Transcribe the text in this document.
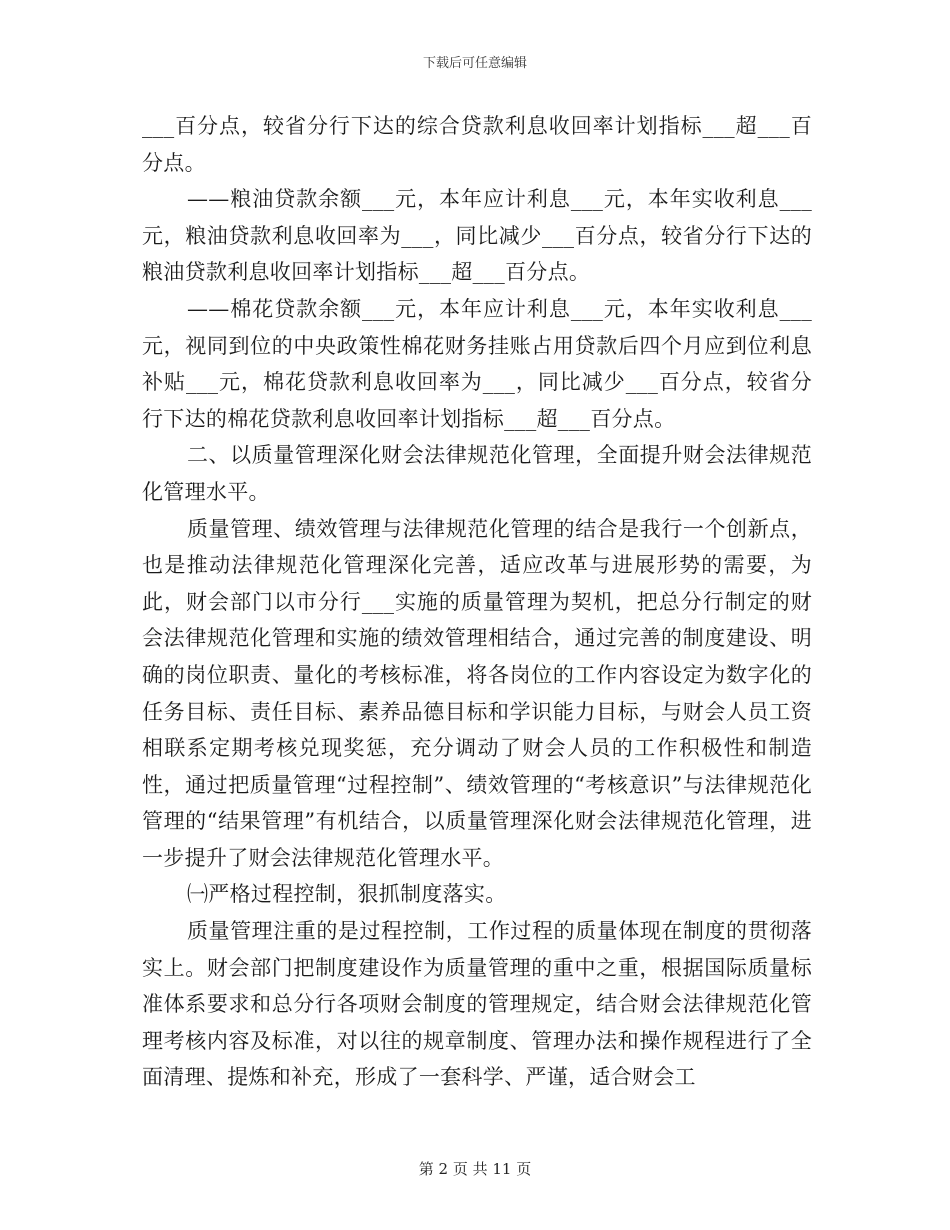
下载后可任意编辑

___百分点，较省分行下达的综合贷款利息收回率计划指标___超___百分点。

——粮油贷款余额___元，本年应计利息___元，本年实收利息___元，粮油贷款利息收回率为___，同比减少___百分点，较省分行下达的粮油贷款利息收回率计划指标___超___百分点。

——棉花贷款余额___元，本年应计利息___元，本年实收利息___元，视同到位的中央政策性棉花财务挂账占用贷款后四个月应到位利息补贴___元，棉花贷款利息收回率为___，同比减少___百分点，较省分行下达的棉花贷款利息收回率计划指标___超___百分点。

二、以质量管理深化财会法律规范化管理，全面提升财会法律规范化管理水平。

质量管理、绩效管理与法律规范化管理的结合是我行一个创新点，也是推动法律规范化管理深化完善，适应改革与进展形势的需要，为此，财会部门以市分行___实施的质量管理为契机，把总分行制定的财会法律规范化管理和实施的绩效管理相结合，通过完善的制度建设、明确的岗位职责、量化的考核标准，将各岗位的工作内容设定为数字化的任务目标、责任目标、素养品德目标和学识能力目标，与财会人员工资相联系定期考核兑现奖惩，充分调动了财会人员的工作积极性和制造性，通过把质量管理“过程控制”、绩效管理的“考核意识”与法律规范化管理的“结果管理”有机结合，以质量管理深化财会法律规范化管理，进一步提升了财会法律规范化管理水平。

㈠严格过程控制，狠抓制度落实。

质量管理注重的是过程控制，工作过程的质量体现在制度的贯彻落实上。财会部门把制度建设作为质量管理的重中之重，根据国际质量标准体系要求和总分行各项财会制度的管理规定，结合财会法律规范化管理考核内容及标准，对以往的规章制度、管理办法和操作规程进行了全面清理、提炼和补充，形成了一套科学、严谨，适合财会工

第 2 页 共 11 页
